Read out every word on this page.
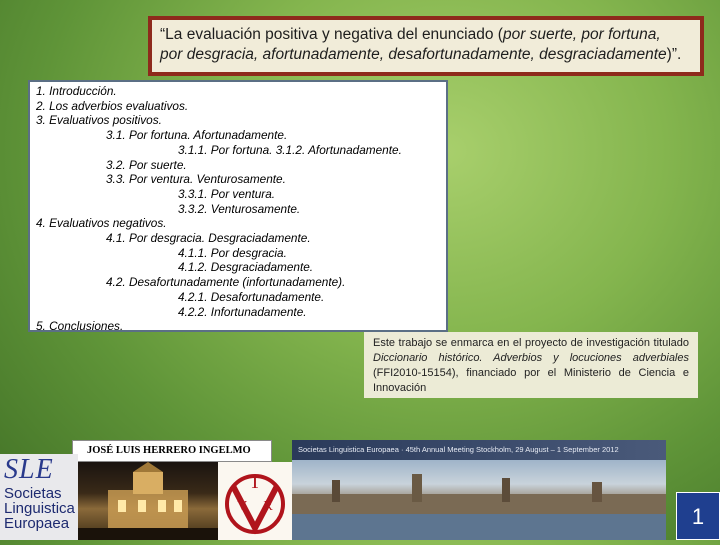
“La evaluación positiva y negativa del enunciado (por suerte, por fortuna,
por desgracia, afortunadamente, desafortunadamente, desgraciadamente)”.
1. Introducción.
2. Los adverbios evaluativos.
3. Evaluativos positivos.
3.1. Por fortuna. Afortunadamente.
3.1.1. Por fortuna. 3.1.2. Afortunadamente.
3.2. Por suerte.
3.3. Por ventura. Venturosamente.
3.3.1. Por ventura.
3.3.2. Venturosamente.
4. Evaluativos negativos.
4.1. Por desgracia. Desgraciadamente.
4.1.1. Por desgracia.
4.1.2. Desgraciadamente.
4.2. Desafortunadamente (infortunadamente).
4.2.1. Desafortunadamente.
4.2.2. Infortunadamente.
5. Conclusiones.
Este trabajo se enmarca en el proyecto de investigación titulado Diccionario histórico. Adverbios y locuciones adverbiales (FFI2010-15154), financiado por el Ministerio de Ciencia e Innovación
JOSÉ LUIS HERRERO INGELMO
SLE
Societas
Linguistica
Europaea
T
V R
Societas Linguistica Europaea · 45th Annual Meeting Stockholm, 29 August – 1 September 2012
1
